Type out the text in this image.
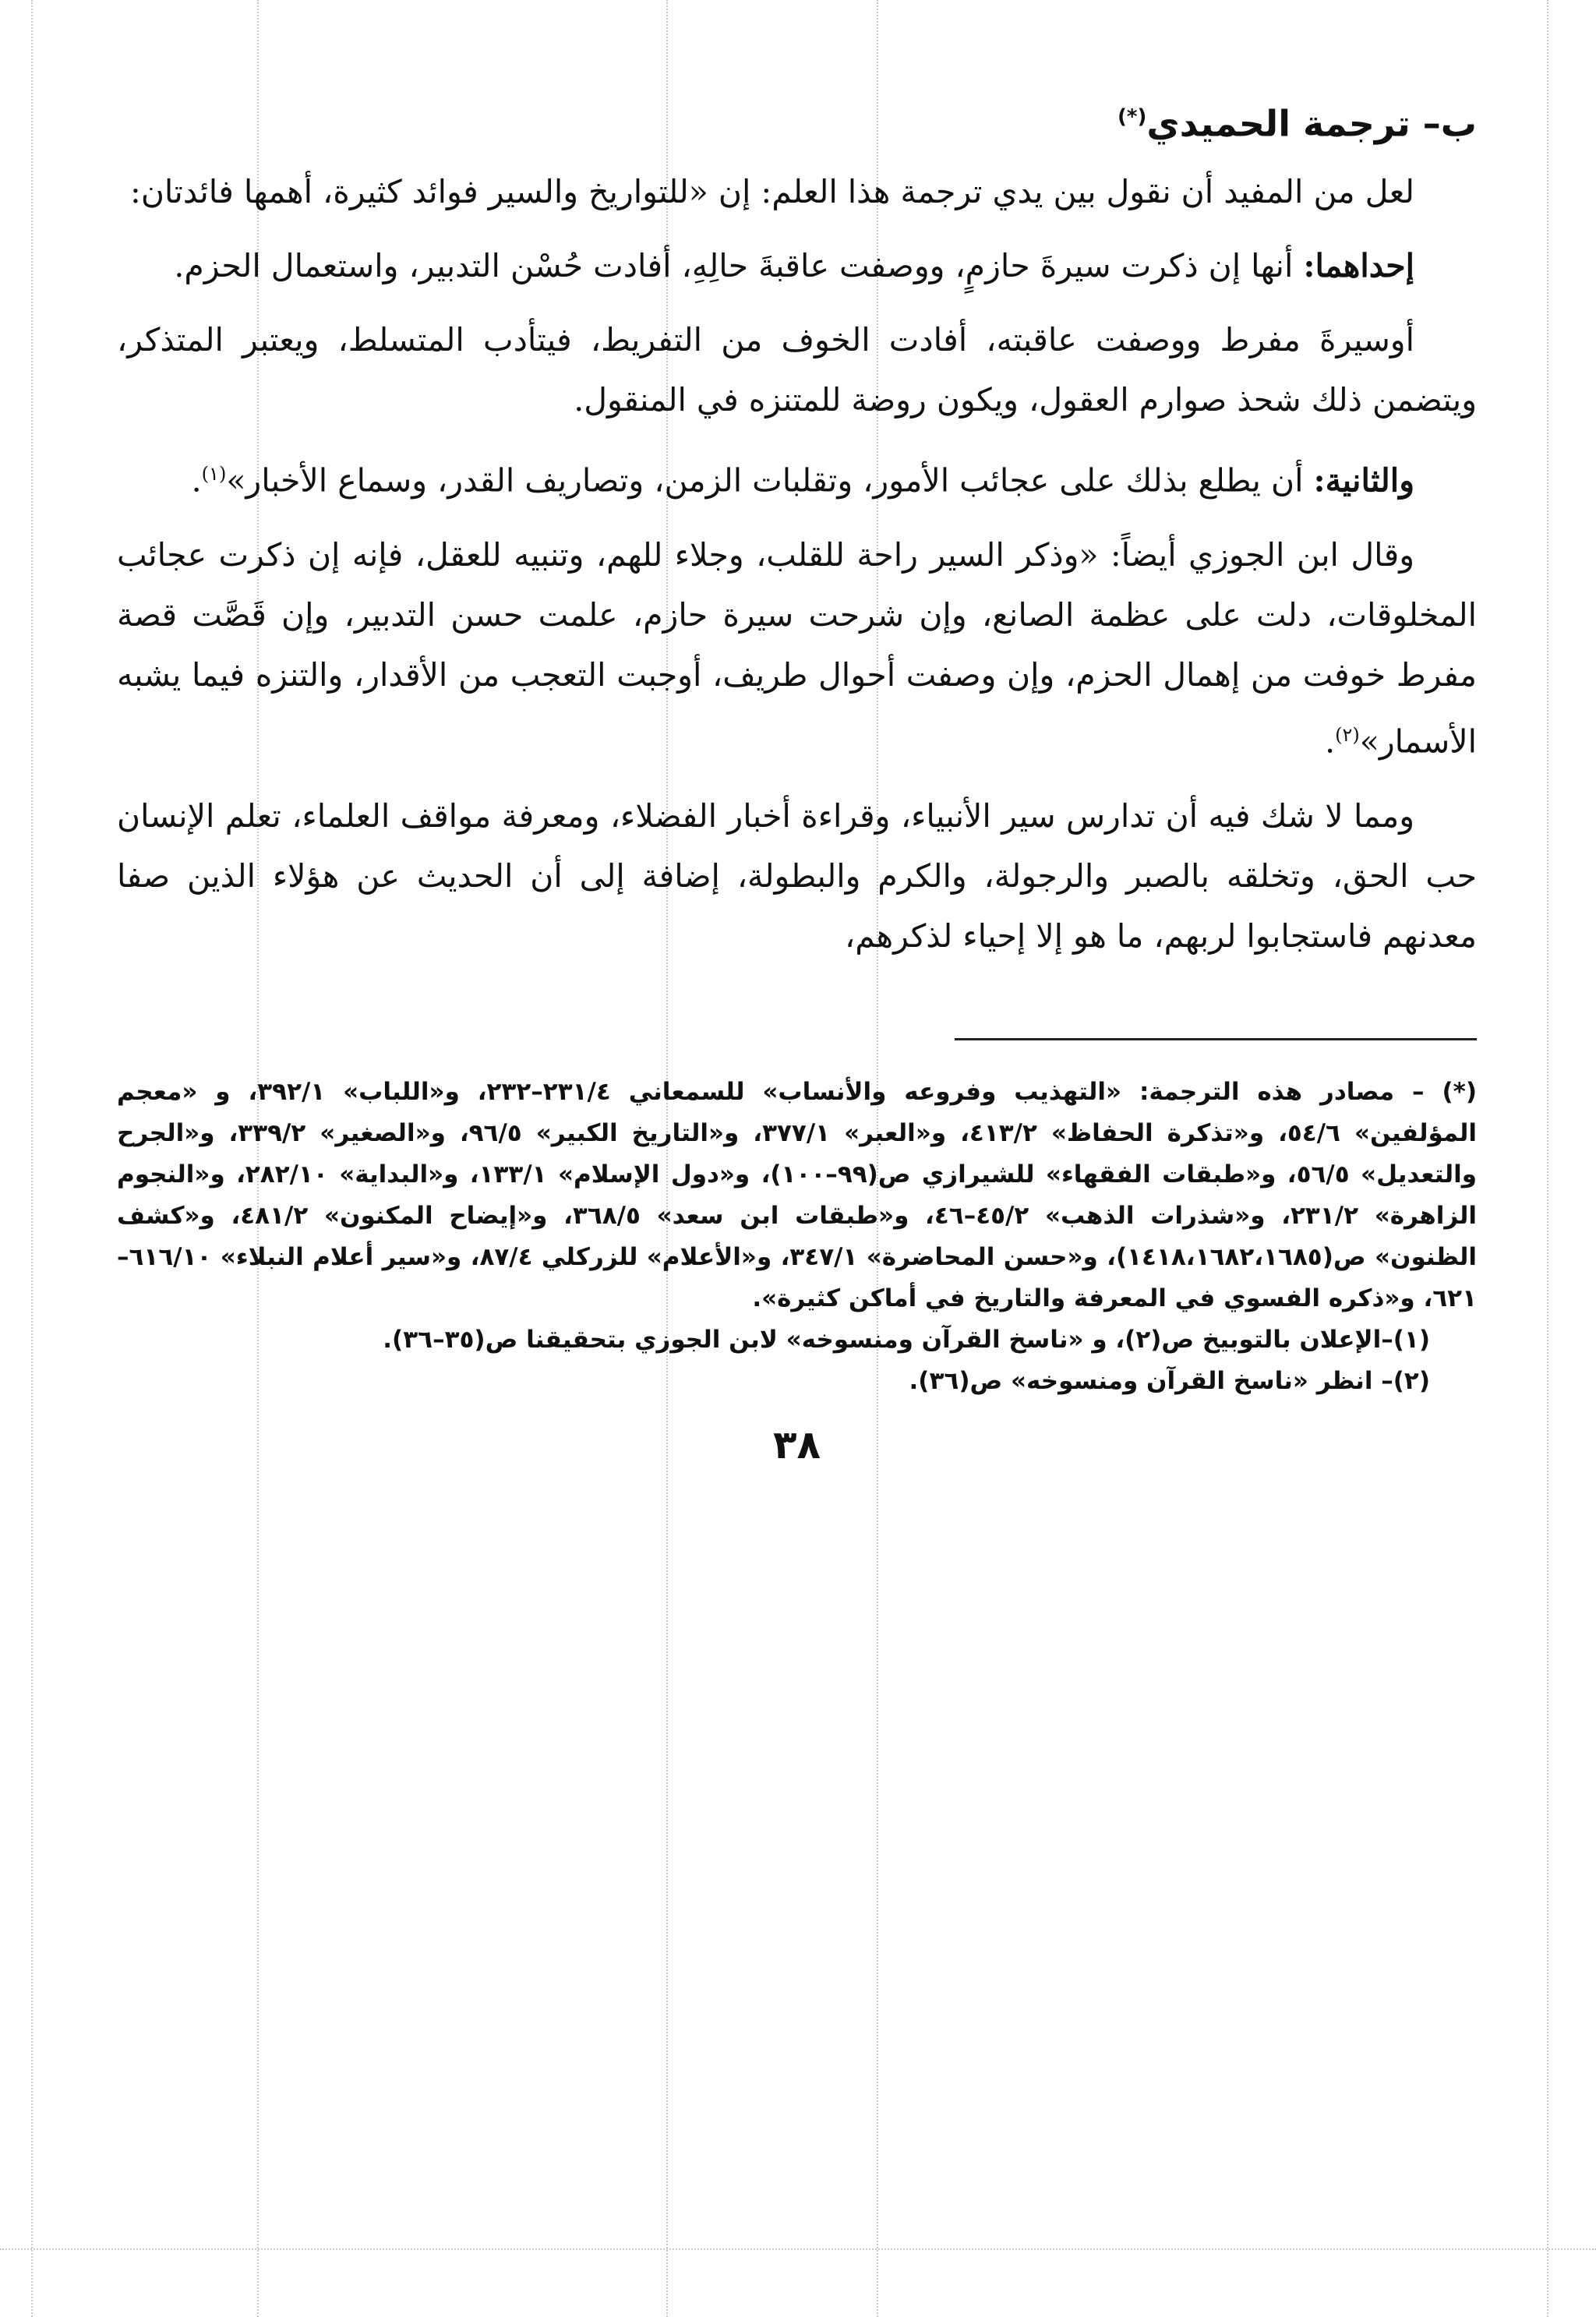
ب– ترجمة الحميدي(*)

لعل من المفيد أن نقول بين يدي ترجمة هذا العلم: إن «للتواريخ والسير فوائد كثيرة، أهمها فائدتان:

إحداهما: أنها إن ذكرت سيرةَ حازمٍ، ووصفت عاقبةَ حالِهِ، أفادت حُسْن التدبير، واستعمال الحزم.

أوسيرةَ مفرط ووصفت عاقبته، أفادت الخوف من التفريط، فيتأدب المتسلط، ويعتبر المتذكر، ويتضمن ذلك شحذ صوارم العقول، ويكون روضة للمتنزه في المنقول.

والثانية: أن يطلع بذلك على عجائب الأمور، وتقلبات الزمن، وتصاريف القدر، وسماع الأخبار»$^{(١)}$.

وقال ابن الجوزي أيضاً: «وذكر السير راحة للقلب، وجلاء للهم، وتنبيه للعقل، فإنه إن ذكرت عجائب المخلوقات، دلت على عظمة الصانع، وإن شرحت سيرة حازم، علمت حسن التدبير، وإن قَصَّت قصة مفرط خوفت من إهمال الحزم، وإن وصفت أحوال طريف، أوجبت التعجب من الأقدار، والتنزه فيما يشبه الأسمار»$^{(٢)}$.

ومما لا شك فيه أن تدارس سير الأنبياء، وقراءة أخبار الفضلاء، ومعرفة مواقف العلماء، تعلم الإنسان حب الحق، وتخلقه بالصبر والرجولة، والكرم والبطولة، إضافة إلى أن الحديث عن هؤلاء الذين صفا معدنهم فاستجابوا لربهم، ما هو إلا إحياء لذكرهم،

(*) – مصادر هذه الترجمة: «التهذيب وفروعه والأنساب» للسمعاني ٢٣١/٤–٢٣٢، و«اللباب» ٣٩٢/١، و «معجم المؤلفين» ٥٤/٦، و«تذكرة الحفاظ» ٤١٣/٢، و«العبر» ٣٧٧/١، و«التاريخ الكبير» ٩٦/٥، و«الصغير» ٣٣٩/٢، و«الجرح والتعديل» ٥٦/٥، و«طبقات الفقهاء» للشيرازي ص(٩٩–١٠٠)، و«دول الإسلام» ١٣٣/١، و«البداية» ٢٨٢/١٠، و«النجوم الزاهرة» ٢٣١/٢، و«شذرات الذهب» ٤٥/٢–٤٦، و«طبقات ابن سعد» ٣٦٨/٥، و«إيضاح المكنون» ٤٨١/٢، و«كشف الظنون» ص(١٤١٨،١٦٨٢،١٦٨٥)، و«حسن المحاضرة» ٣٤٧/١، و«الأعلام» للزركلي ٨٧/٤، و«سير أعلام النبلاء» ٦١٦/١٠–٦٢١، و«ذكره الفسوي في المعرفة والتاريخ في أماكن كثيرة».

(١)–الإعلان بالتوبيخ ص(٢)، و «ناسخ القرآن ومنسوخه» لابن الجوزي بتحقيقنا ص(٣٥–٣٦).

(٢)– انظر «ناسخ القرآن ومنسوخه» ص(٣٦).

٣٨
